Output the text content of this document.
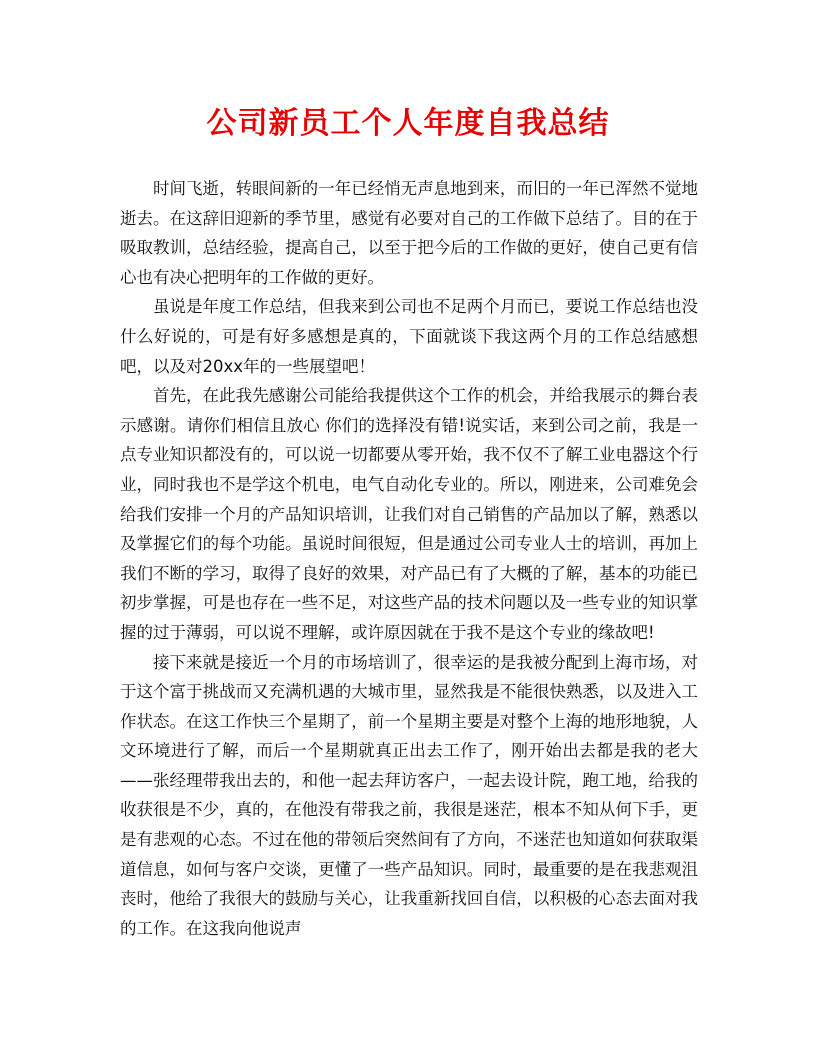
公司新员工个人年度自我总结

时间飞逝，转眼间新的一年已经悄无声息地到来，而旧的一年已浑然不觉地逝去。在这辞旧迎新的季节里，感觉有必要对自己的工作做下总结了。目的在于吸取教训，总结经验，提高自己，以至于把今后的工作做的更好，使自己更有信心也有决心把明年的工作做的更好。

虽说是年度工作总结，但我来到公司也不足两个月而已，要说工作总结也没什么好说的，可是有好多感想是真的，下面就谈下我这两个月的工作总结感想吧，以及对20xx年的一些展望吧！

首先，在此我先感谢公司能给我提供这个工作的机会，并给我展示的舞台表示感谢。请你们相信且放心 你们的选择没有错!说实话，来到公司之前，我是一点专业知识都没有的，可以说一切都要从零开始，我不仅不了解工业电器这个行业，同时我也不是学这个机电，电气自动化专业的。所以，刚进来，公司难免会给我们安排一个月的产品知识培训，让我们对自己销售的产品加以了解，熟悉以及掌握它们的每个功能。虽说时间很短，但是通过公司专业人士的培训，再加上我们不断的学习，取得了良好的效果，对产品已有了大概的了解，基本的功能已初步掌握，可是也存在一些不足，对这些产品的技术问题以及一些专业的知识掌握的过于薄弱，可以说不理解，或许原因就在于我不是这个专业的缘故吧!

接下来就是接近一个月的市场培训了，很幸运的是我被分配到上海市场，对于这个富于挑战而又充满机遇的大城市里，显然我是不能很快熟悉，以及进入工作状态。在这工作快三个星期了，前一个星期主要是对整个上海的地形地貌，人文环境进行了解，而后一个星期就真正出去工作了，刚开始出去都是我的老大——张经理带我出去的，和他一起去拜访客户，一起去设计院，跑工地，给我的收获很是不少，真的，在他没有带我之前，我很是迷茫，根本不知从何下手，更是有悲观的心态。不过在他的带领后突然间有了方向，不迷茫也知道如何获取渠道信息，如何与客户交谈，更懂了一些产品知识。同时，最重要的是在我悲观沮丧时，他给了我很大的鼓励与关心，让我重新找回自信，以积极的心态去面对我的工作。在这我向他说声
